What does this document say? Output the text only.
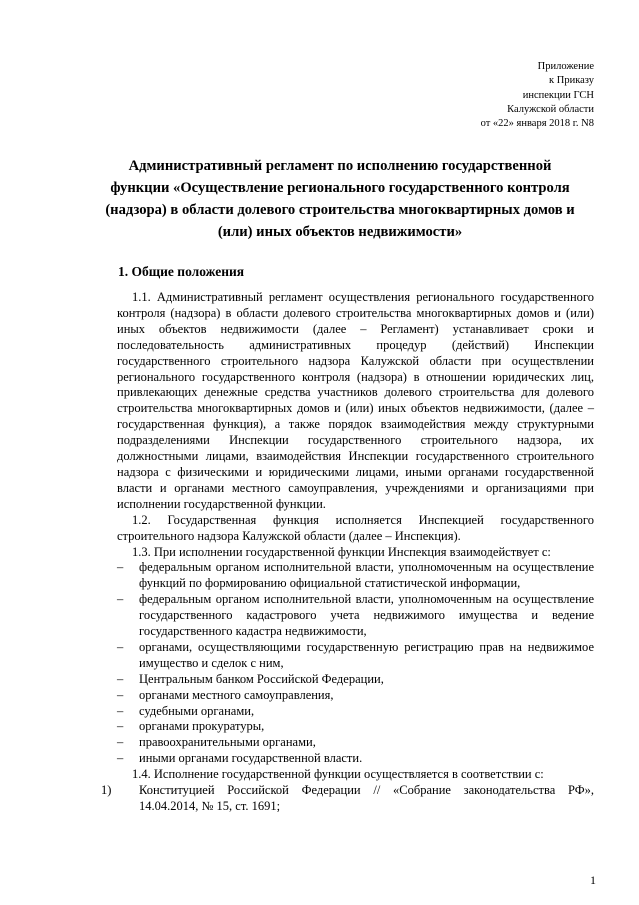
Приложение
к Приказу
инспекции ГСН
Калужской области
от «22» января 2018 г. N8
Административный регламент по исполнению государственной
функции «Осуществление регионального государственного контроля
(надзора) в области долевого строительства многоквартирных домов и
(или) иных объектов недвижимости»
1. Общие положения

1.1. Административный регламент осуществления регионального государственного контроля (надзора) в области долевого строительства многоквартирных домов и (или) иных объектов недвижимости (далее – Регламент) устанавливает сроки и последовательность административных процедур (действий) Инспекции государственного строительного надзора Калужской области при осуществлении регионального государственного контроля (надзора) в отношении юридических лиц, привлекающих денежные средства участников долевого строительства для долевого строительства многоквартирных домов и (или) иных объектов недвижимости, (далее – государственная функция), а также порядок взаимодействия между структурными подразделениями Инспекции государственного строительного надзора, их должностными лицами, взаимодействия Инспекции государственного строительного надзора с физическими и юридическими лицами, иными органами государственной власти и органами местного самоуправления, учреждениями и организациями при исполнении государственной функции.

1.2. Государственная функция исполняется Инспекцией государственного строительного надзора Калужской области (далее – Инспекция).

1.3. При исполнении государственной функции Инспекция взаимодействует с:

–	федеральным органом исполнительной власти, уполномоченным на осуществление функций по формированию официальной статистической информации,
–	федеральным органом исполнительной власти, уполномоченным на осуществление государственного кадастрового учета недвижимого имущества и ведение государственного кадастра недвижимости,
–	органами, осуществляющими государственную регистрацию прав на недвижимое имущество и сделок с ним,
–	Центральным банком Российской Федерации,
–	органами местного самоуправления,
–	судебными органами,
–	органами прокуратуры,
–	правоохранительными органами,
–	иными органами государственной власти.

1.4. Исполнение государственной функции осуществляется в соответствии с:

1) Конституцией Российской Федерации // «Собрание законодательства РФ», 14.04.2014, № 15, ст. 1691;
1
